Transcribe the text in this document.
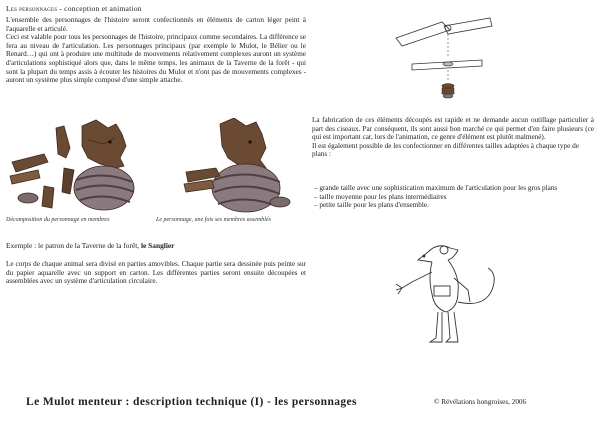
Les personnages - conception et animation

L'ensemble des personnages de l'histoire seront confectionnés en éléments de carton léger peint à l'aquarelle et articulé.

Ceci est valable pour tous les personnages de l'histoire, principaux comme secondaires. La différence se fera au niveau de l'articulation. Les personnages principaux (par exemple le Mulot, le Bélier ou le Renard…) qui ont à produire une multitude de mouvements relativement complexes auront un système d'articulations sophistiqué alors que, dans le même temps, les animaux de la Taverne de la forêt - qui sont la plupart du temps assis à écouter les histoires du Mulot et n'ont pas de mouvements complexes - auront un système plus simple composé d'une simple attache.

Décomposition du personnage en membres	Le personnage, une fois ses membres assemblés
Exemple : le patron de la Taverne de la forêt, le Sanglier

Le corps de chaque animal sera divisé en parties amovibles. Chaque partie sera dessinée puis peinte sur du papier aquarelle avec un support en carton. Les différentes parties seront ensuite découpées et assemblées avec un système d'articulation circulaire.

La fabrication de ces éléments découpés est rapide et ne demande aucun outillage particulier à part des ciseaux. Par conséquent, ils sont aussi bon marché ce qui permet d'en faire plusieurs (ce qui est important car, lors de l'animation, ce genre d'élément est plutôt malmené).

Il est également possible de les confectionner en différentes tailles adaptées à chaque type de plans :

– grande taille avec une sophistication maximum de l'articulation pour les gros plans
– taille moyenne pour les plans intermédiaires
– petite taille pour les plans d'ensemble.
Le Mulot menteur : description technique (I) - les personnages	© Révélations hongroises, 2006
